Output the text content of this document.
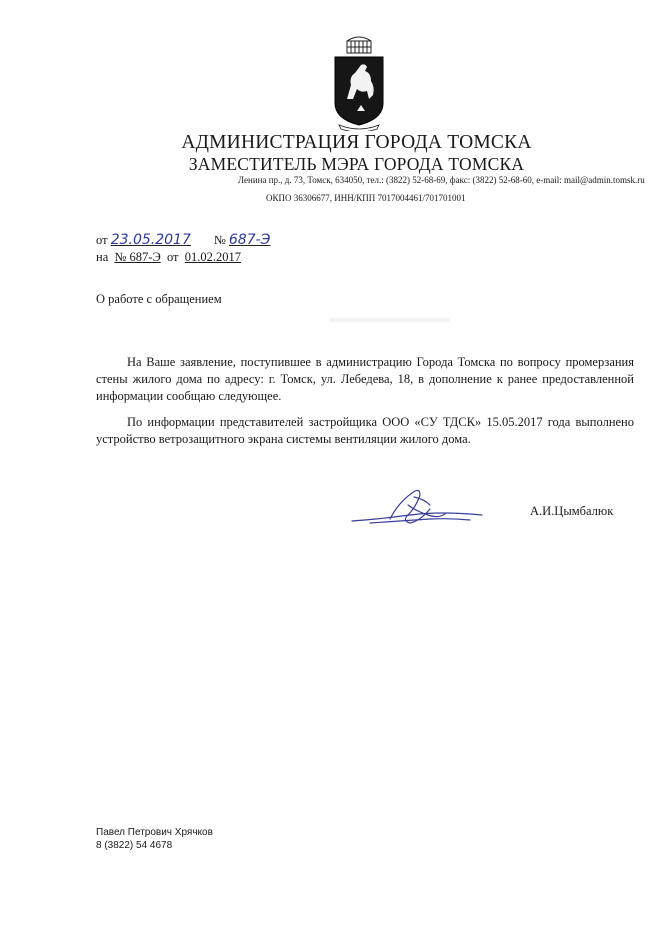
АДМИНИСТРАЦИЯ ГОРОДА ТОМСКА
ЗАМЕСТИТЕЛЬ МЭРА ГОРОДА ТОМСКА
Ленина пр., д. 73, Томск, 634050, тел.: (3822) 52-68-69, факс: (3822) 52-68-60, e-mail: mail@admin.tomsk.ru
ОКПО 36306677, ИНН/КПП 7017004461/701701001
от 23.05.2017 № 687-Э
на № 687-Э от 01.02.2017
О работе с обращением
На Ваше заявление, поступившее в администрацию Города Томска по вопросу промерзания стены жилого дома по адресу: г. Томск, ул. Лебедева, 18, в дополнение к ранее предоставленной информации сообщаю следующее.
По информации представителей застройщика ООО «СУ ТДСК» 15.05.2017 года выполнено устройство ветрозащитного экрана системы вентиляции жилого дома.
А.И.Цымбалюк
Павел Петрович Хрячков
8 (3822) 54 4678
